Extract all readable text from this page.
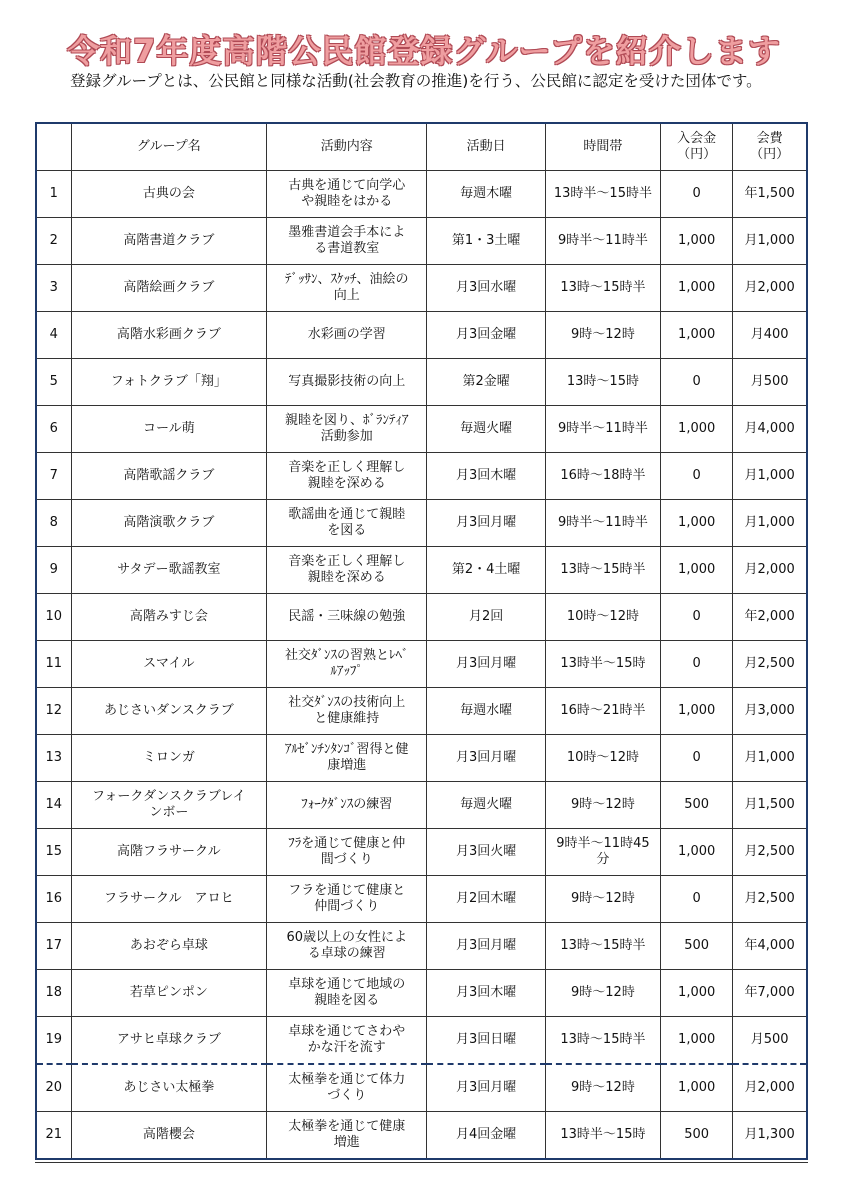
令和7年度高階公民館登録グループを紹介します
登録グループとは、公民館と同様な活動(社会教育の推進)を行う、公民館に認定を受けた団体です。
	グループ名	活動内容	活動日	時間帯	入会金
（円）	会費
（円）
1	古典の会	古典を通じて向学心
や親睦をはかる	毎週木曜	13時半～15時半	0	年1,500
2	高階書道クラブ	墨雅書道会手本によ
る書道教室	第1・3土曜	9時半～11時半	1,000	月1,000
3	高階絵画クラブ	ﾃﾞｯｻﾝ、ｽｹｯﾁ、油絵の
向上	月3回水曜	13時～15時半	1,000	月2,000
4	高階水彩画クラブ	水彩画の学習	月3回金曜	9時～12時	1,000	月400
5	フォトクラブ「翔」	写真撮影技術の向上	第2金曜	13時～15時	0	月500
6	コール萌	親睦を図り、ﾎﾞﾗﾝﾃｨｱ
活動参加	毎週火曜	9時半～11時半	1,000	月4,000
7	高階歌謡クラブ	音楽を正しく理解し
親睦を深める	月3回木曜	16時～18時半	0	月1,000
8	高階演歌クラブ	歌謡曲を通じて親睦
を図る	月3回月曜	9時半～11時半	1,000	月1,000
9	サタデー歌謡教室	音楽を正しく理解し
親睦を深める	第2・4土曜	13時～15時半	1,000	月2,000
10	高階みすじ会	民謡・三味線の勉強	月2回	10時～12時	0	年2,000
11	スマイル	社交ﾀﾞﾝｽの習熟とﾚﾍﾞ
ﾙｱｯﾌﾟ	月3回月曜	13時半～15時	0	月2,500
12	あじさいダンスクラブ	社交ﾀﾞﾝｽの技術向上
と健康維持	毎週水曜	16時～21時半	1,000	月3,000
13	ミロンガ	ｱﾙｾﾞﾝﾁﾝﾀﾝｺﾞ習得と健
康増進	月3回月曜	10時～12時	0	月1,000
14	フォークダンスクラブレイ
ンボー	ﾌｫｰｸﾀﾞﾝｽの練習	毎週火曜	9時～12時	500	月1,500
15	高階フラサークル	ﾌﾗを通じて健康と仲
間づくり	月3回火曜	9時半～11時45
分	1,000	月2,500
16	フラサークル　アロヒ	フラを通じて健康と
仲間づくり	月2回木曜	9時～12時	0	月2,500
17	あおぞら卓球	60歳以上の女性によ
る卓球の練習	月3回月曜	13時～15時半	500	年4,000
18	若草ピンポン	卓球を通じて地域の
親睦を図る	月3回木曜	9時～12時	1,000	年7,000
19	アサヒ卓球クラブ	卓球を通じてさわや
かな汗を流す	月3回日曜	13時～15時半	1,000	月500
20	あじさい太極拳	太極拳を通じて体力
づくり	月3回月曜	9時～12時	1,000	月2,000
21	高階櫻会	太極拳を通じて健康
増進	月4回金曜	13時半～15時	500	月1,300
